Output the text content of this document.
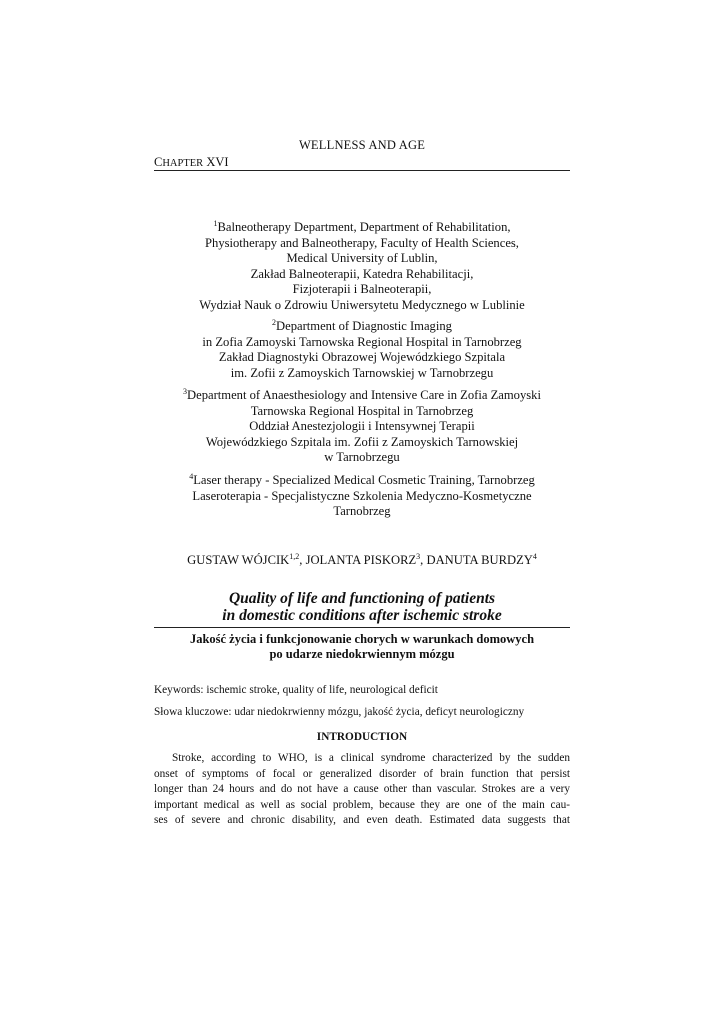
WELLNESS AND AGE
CHAPTER XVI
$^1$Balneotherapy Department, Department of Rehabilitation,
Physiotherapy and Balneotherapy, Faculty of Health Sciences,
Medical University of Lublin,
Zakład Balneoterapii, Katedra Rehabilitacji,
Fizjoterapii i Balneoterapii,
Wydział Nauk o Zdrowiu Uniwersytetu Medycznego w Lublinie
$^2$Department of Diagnostic Imaging
in Zofia Zamoyski Tarnowska Regional Hospital in Tarnobrzeg
Zakład Diagnostyki Obrazowej Wojewódzkiego Szpitala
im. Zofii z Zamoyskich Tarnowskiej w Tarnobrzegu
$^3$Department of Anaesthesiology and Intensive Care in Zofia Zamoyski
Tarnowska Regional Hospital in Tarnobrzeg
Oddział Anestezjologii i Intensywnej Terapii
Wojewódzkiego Szpitala im. Zofii z Zamoyskich Tarnowskiej
w Tarnobrzegu
$^4$Laser therapy - Specialized Medical Cosmetic Training, Tarnobrzeg
Laseroterapia - Specjalistyczne Szkolenia Medyczno-Kosmetyczne
Tarnobrzeg
GUSTAW WÓJCIK$^{1,2}$, JOLANTA PISKORZ$^3$, DANUTA BURDZY$^4$
Quality of life and functioning of patients
in domestic conditions after ischemic stroke
Jakość życia i funkcjonowanie chorych w warunkach domowych
po udarze niedokrwiennym mózgu
Keywords: ischemic stroke, quality of life, neurological deficit
Słowa kluczowe: udar niedokrwienny mózgu, jakość życia, deficyt neurologiczny
INTRODUCTION
Stroke, according to WHO, is a clinical syndrome characterized by the sudden
onset of symptoms of focal or generalized disorder of brain function that persist
longer than 24 hours and do not have a cause other than vascular. Strokes are a very
important medical as well as social problem, because they are one of the main cau-
ses of severe and chronic disability, and even death. Estimated data suggests that
